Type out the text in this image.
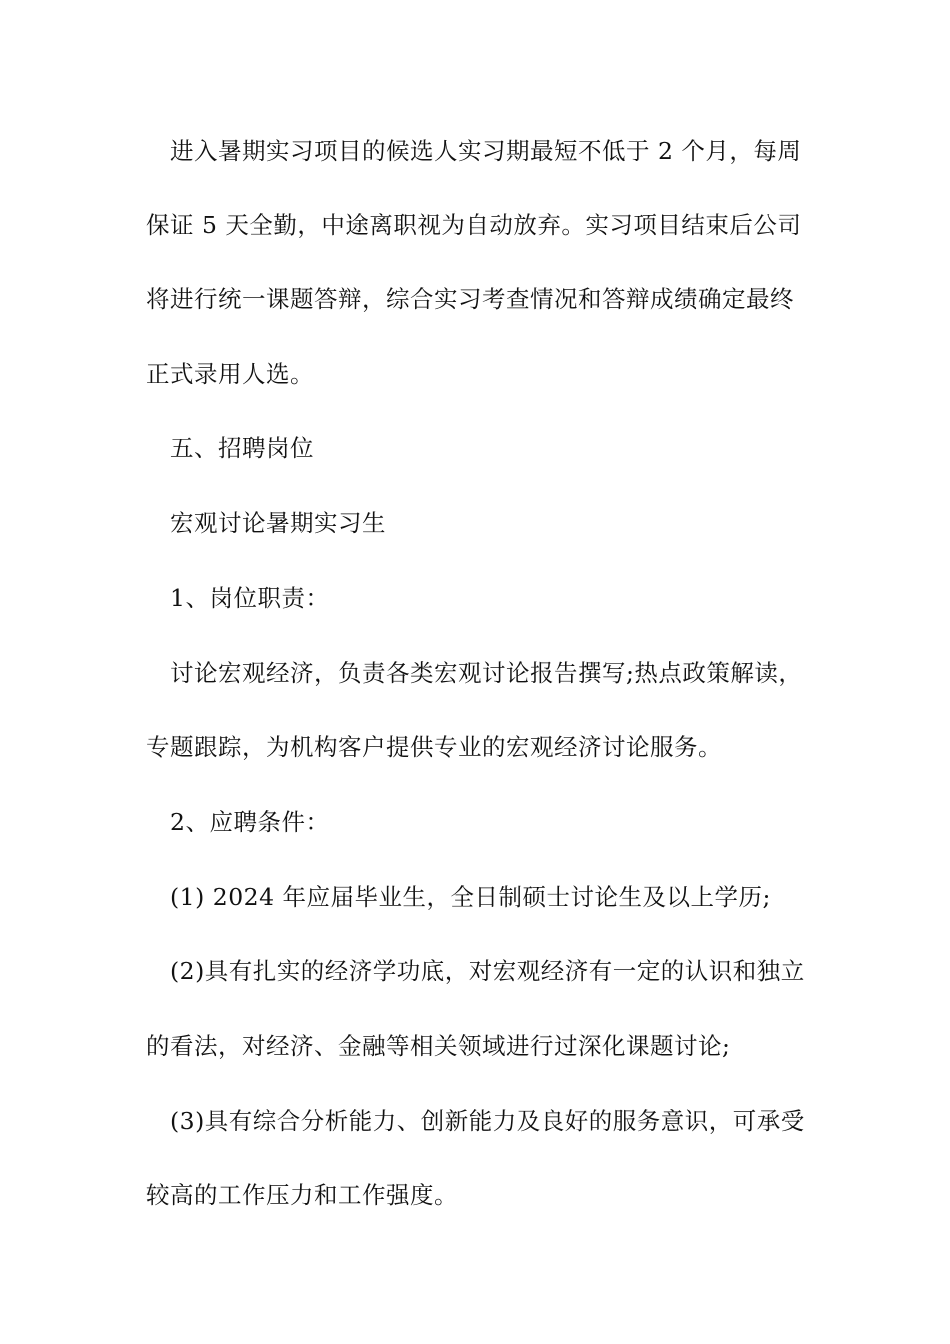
进入暑期实习项目的候选人实习期最短不低于 2 个月，每周
保证 5 天全勤，中途离职视为自动放弃。实习项目结束后公司
将进行统一课题答辩，综合实习考查情况和答辩成绩确定最终
正式录用人选。
五、招聘岗位
宏观讨论暑期实习生
1、岗位职责：
讨论宏观经济，负责各类宏观讨论报告撰写;热点政策解读，
专题跟踪，为机构客户提供专业的宏观经济讨论服务。
2、应聘条件：
(1) 2024 年应届毕业生，全日制硕士讨论生及以上学历;
(2)具有扎实的经济学功底，对宏观经济有一定的认识和独立
的看法，对经济、金融等相关领域进行过深化课题讨论;
(3)具有综合分析能力、创新能力及良好的服务意识，可承受
较高的工作压力和工作强度。
